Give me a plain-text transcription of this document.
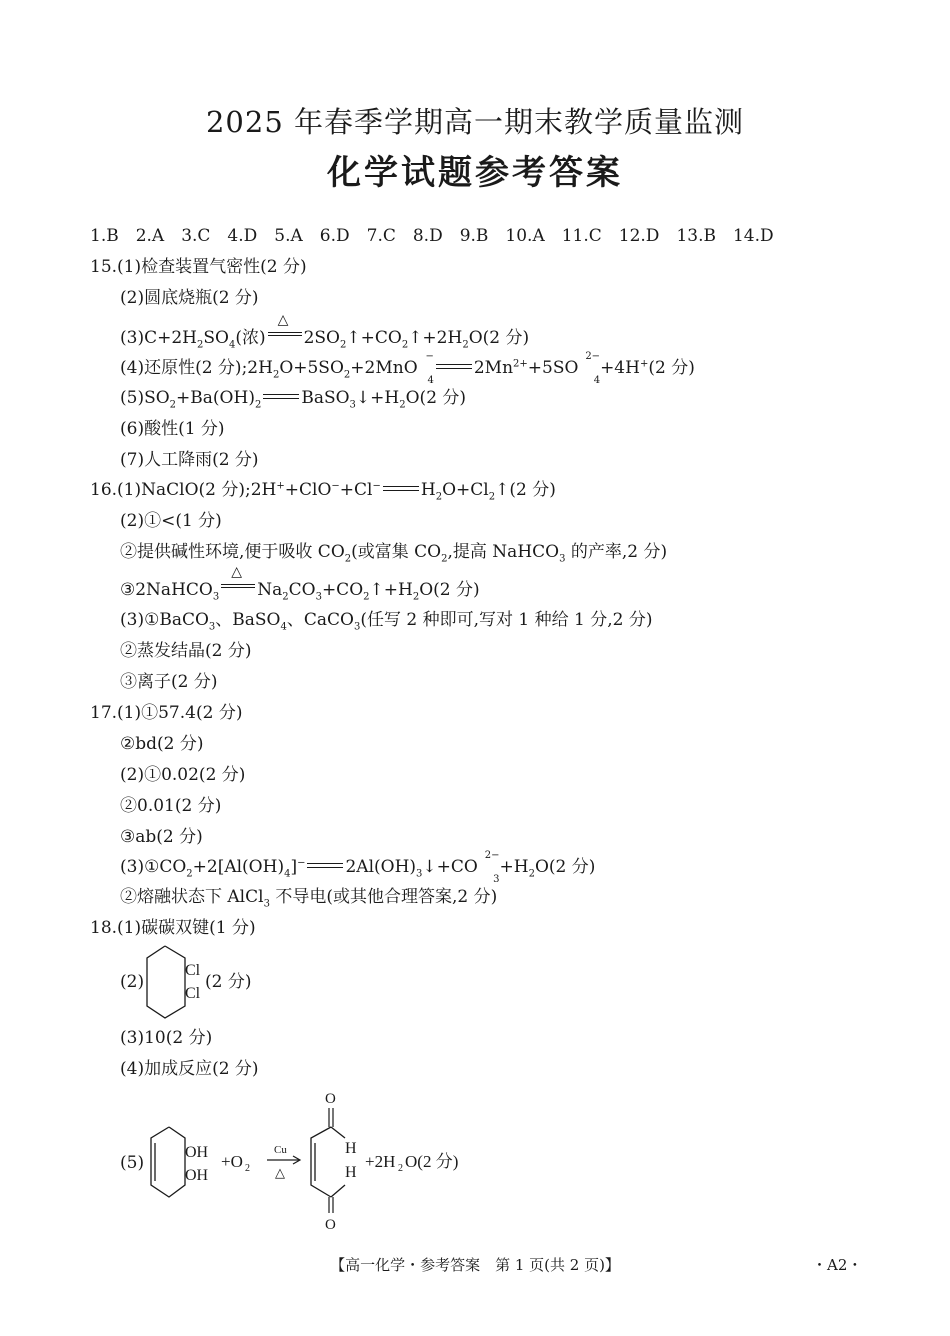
2025 年春季学期高一期末教学质量监测
化学试题参考答案
1.B　2.A　3.C　4.D　5.A　6.D　7.C　8.D　9.B　10.A　11.C　12.D　13.B　14.D
15.(1)检查装置气密性(2 分)
(2)圆底烧瓶(2 分)
$(3)C+2H_2SO_4$(浓)
△
$2SO_2↑+CO_2↑+2H_2O(2$ 分)
(4)还原性(2 分)$;2H_2O+5SO_2+2MnO$
4
−
$2Mn^{2+}+5SO$
4
2−
+4H+(2 分)
$(5)SO_2+Ba(OH)_2$ $BaSO_3↓+H_2O(2$ 分)
(6)酸性(1 分)
(7)人工降雨(2 分)
16.(1)NaClO(2 分);2H++ClO−+Cl− $H_2O+Cl_2↑(2$ 分)
(2)①<(1 分)
②提供碱性环境,便于吸收 $CO_2$(或富集 $CO_2$,提高 NaHCO$_3$ 的产率,2 分)
③2NaHCO$_3$
△
$Na_2CO_3+CO_2↑+H_2O(2$ 分)
(3)①BaCO$_3$、BaSO$_4$、CaCO$_3$(任写 2 种即可,写对 1 种给 1 分,2 分)
②蒸发结晶(2 分)
③离子(2 分)
17.(1)①57.4(2 分)
②bd(2 分)
(2)①0.02(2 分)
②0.01(2 分)
③ab(2 分)
$(3)①CO_2+2[Al(OH)_4]^-$ $2Al(OH)_3↓+CO$
3
2−
$+H_2O(2$ 分)
②熔融状态下 AlCl$_3$ 不导电(或其他合理答案,2 分)
18.(1)碳碳双键(1 分)
(2)
Cl
Cl
(2 分)
(3)10(2 分)
(4)加成反应(2 分)
(5)
OH
OH
+O 2
Cu
△
O
H
H
O
+2H 2 O(2 分)
【高一化学・参考答案　第 1 页(共 2 页)】	・A2・
